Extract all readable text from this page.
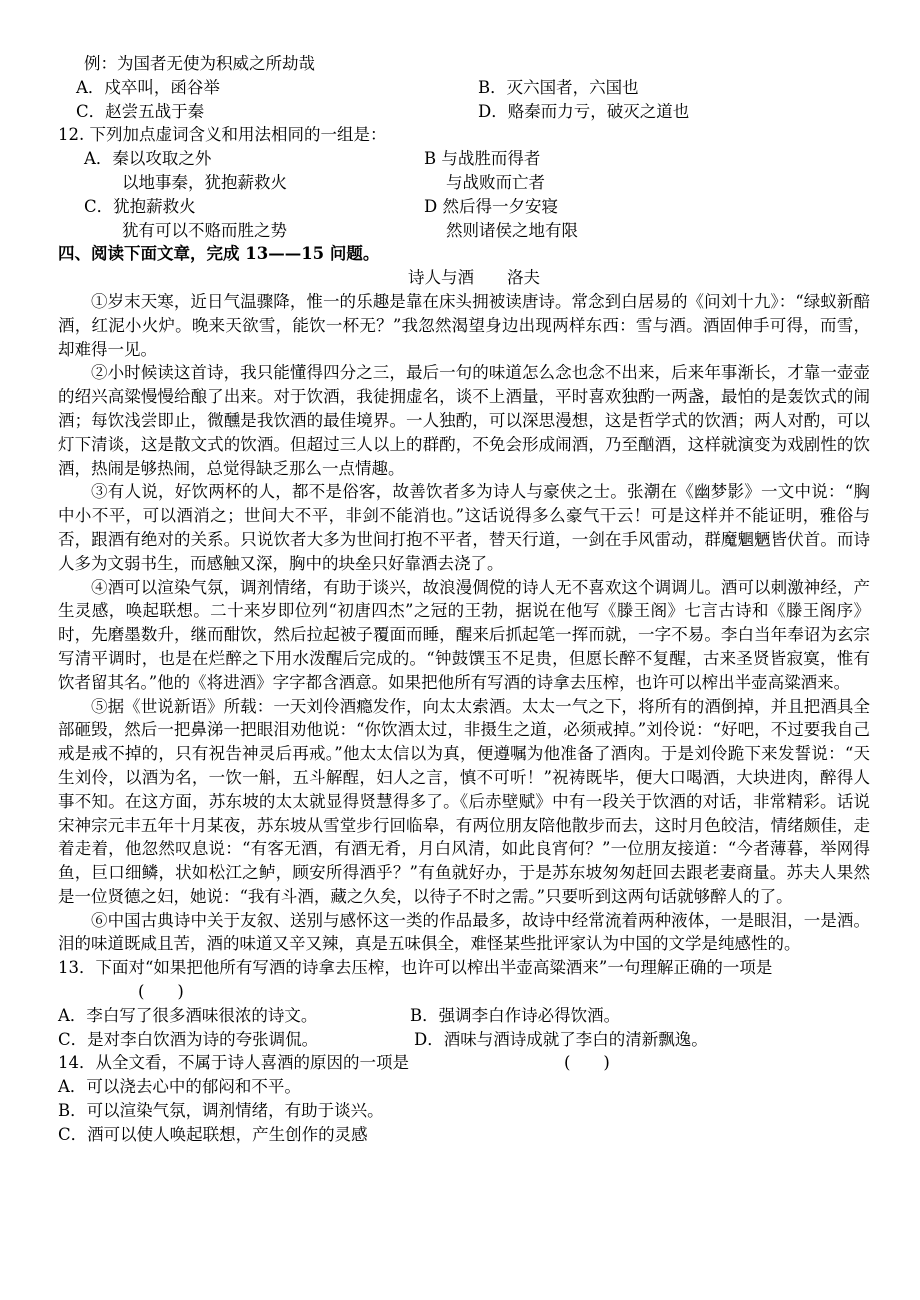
例：为国者无使为积威之所劫哉
A．戍卒叫，函谷举	B．灭六国者，六国也
C．赵尝五战于秦	D．赂秦而力亏，破灭之道也
12. 下列加点虚词含义和用法相同的一组是：
A．秦以攻取之外	B 与战胜而得者
以地事秦，犹抱薪救火	与战败而亡者
C．犹抱薪救火	D 然后得一夕安寝
犹有可以不赂而胜之势	然则诸侯之地有限
四、阅读下面文章，完成 13——15 问题。
诗人与酒　　洛夫
①岁末天寒，近日气温骤降，惟一的乐趣是靠在床头拥被读唐诗。常念到白居易的《问刘十九》：“绿蚁新醅酒，红泥小火炉。晚来天欲雪，能饮一杯无？”我忽然渴望身边出现两样东西：雪与酒。酒固伸手可得，而雪，却难得一见。
②小时候读这首诗，我只能懂得四分之三，最后一句的味道怎么念也念不出来，后来年事渐长，才靠一壶壶的绍兴高粱慢慢给酿了出来。对于饮酒，我徒拥虚名，谈不上酒量，平时喜欢独酌一两盏，最怕的是轰饮式的闹酒；每饮浅尝即止，微醺是我饮酒的最佳境界。一人独酌，可以深思漫想，这是哲学式的饮酒；两人对酌，可以灯下清谈，这是散文式的饮酒。但超过三人以上的群酌，不免会形成闹酒，乃至酗酒，这样就演变为戏剧性的饮酒，热闹是够热闹，总觉得缺乏那么一点情趣。
③有人说，好饮两杯的人，都不是俗客，故善饮者多为诗人与豪侠之士。张潮在《幽梦影》一文中说：“胸中小不平，可以酒消之；世间大不平，非剑不能消也。”这话说得多么豪气干云！可是这样并不能证明，雅俗与否，跟酒有绝对的关系。只说饮者大多为世间打抱不平者，替天行道，一剑在手风雷动，群魔魍魉皆伏首。而诗人多为文弱书生，而感触又深，胸中的块垒只好靠酒去浇了。
④酒可以渲染气氛，调剂情绪，有助于谈兴，故浪漫倜傥的诗人无不喜欢这个调调儿。酒可以刺激神经，产生灵感，唤起联想。二十来岁即位列“初唐四杰”之冠的王勃，据说在他写《滕王阁》七言古诗和《滕王阁序》时，先磨墨数升，继而酣饮，然后拉起被子覆面而睡，醒来后抓起笔一挥而就，一字不易。李白当年奉诏为玄宗写清平调时，也是在烂醉之下用水泼醒后完成的。“钟鼓馔玉不足贵，但愿长醉不复醒，古来圣贤皆寂寞，惟有饮者留其名。”他的《将进酒》字字都含酒意。如果把他所有写酒的诗拿去压榨，也许可以榨出半壶高粱酒来。
⑤据《世说新语》所载：一天刘伶酒瘾发作，向太太索酒。太太一气之下，将所有的酒倒掉，并且把酒具全部砸毁，然后一把鼻涕一把眼泪劝他说：“你饮酒太过，非摄生之道，必须戒掉。”刘伶说：“好吧，不过要我自己戒是戒不掉的，只有祝告神灵后再戒。”他太太信以为真，便遵嘱为他准备了酒肉。于是刘伶跪下来发誓说：“天生刘伶，以酒为名，一饮一斛，五斗解酲，妇人之言，慎不可听！”祝祷既毕，便大口喝酒，大块进肉，醉得人事不知。在这方面，苏东坡的太太就显得贤慧得多了。《后赤壁赋》中有一段关于饮酒的对话，非常精彩。话说宋神宗元丰五年十月某夜，苏东坡从雪堂步行回临皋，有两位朋友陪他散步而去，这时月色皎洁，情绪颇佳，走着走着，他忽然叹息说：“有客无酒，有酒无肴，月白风清，如此良宵何？”一位朋友接道：“今者薄暮，举网得鱼，巨口细鳞，状如松江之鲈，顾安所得酒乎？”有鱼就好办，于是苏东坡匆匆赶回去跟老妻商量。苏夫人果然是一位贤德之妇，她说：“我有斗酒，藏之久矣，以待子不时之需。”只要听到这两句话就够醉人的了。
⑥中国古典诗中关于友叙、送别与感怀这一类的作品最多，故诗中经常流着两种液体，一是眼泪，一是酒。泪的味道既咸且苦，酒的味道又辛又辣，真是五味俱全，难怪某些批评家认为中国的文学是纯感性的。
13．下面对“如果把他所有写酒的诗拿去压榨，也许可以榨出半壶高粱酒来”一句理解正确的一项是
(　　)
A．李白写了很多酒味很浓的诗文。	B．强调李白作诗必得饮酒。
C．是对李白饮酒为诗的夸张调侃。	D．酒味与酒诗成就了李白的清新飘逸。
14．从全文看，不属于诗人喜酒的原因的一项是	(　　)
A．可以浇去心中的郁闷和不平。
B．可以渲染气氛，调剂情绪，有助于谈兴。
C．酒可以使人唤起联想，产生创作的灵感
